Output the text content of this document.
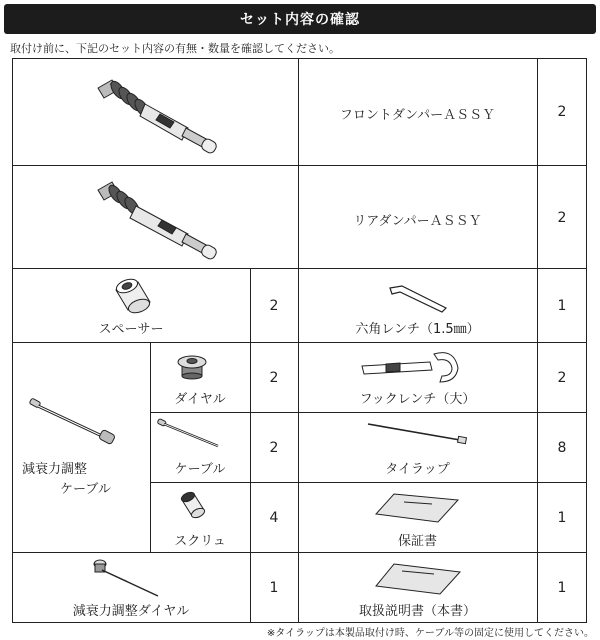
セット内容の確認
取付け前に、下記のセット内容の有無・数量を確認してください。
フロントダンパーＡＳＳＹ	2
リアダンパーＡＳＳＹ	2
スペーサー
2
六角レンチ（1.5㎜）
1
減衰力調整
ケーブル
ダイヤル
2
フックレンチ（大）
2
ケーブル
2
タイラップ
8
スクリュ
4
保証書
1
減衰力調整ダイヤル
1
取扱説明書（本書）
1
※タイラップは本製品取付け時、ケーブル等の固定に使用してください。
